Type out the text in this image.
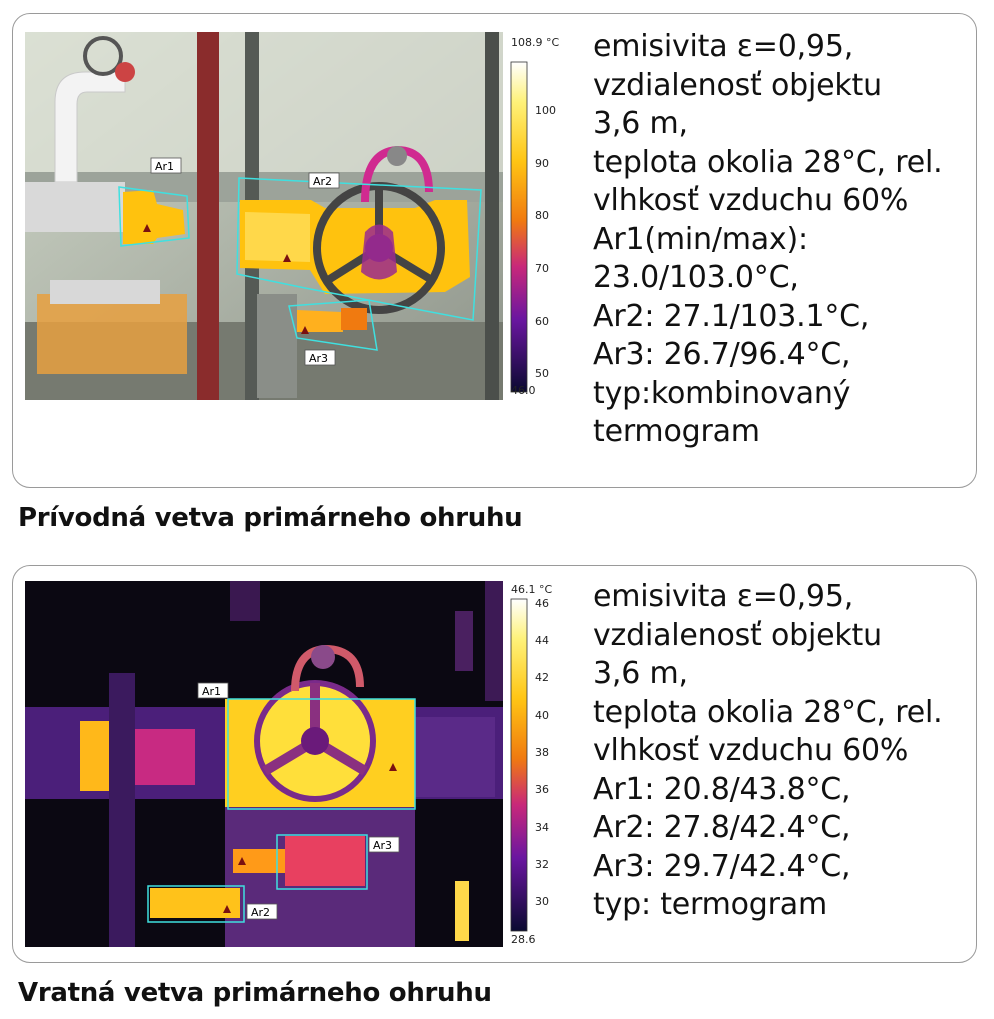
Ar1
Ar2
Ar3
108.9 °C
46.0
100
90
80
70
60
50
emisivita ε=0,95,
vzdialenosť objektu
3,6 m,
teplota okolia 28°C, rel.
vlhkosť vzduchu 60%
Ar1(min/max):
23.0/103.0°C,
Ar2: 27.1/103.1°C,
Ar3: 26.7/96.4°C,
typ:kombinovaný
termogram
Prívodná vetva primárneho ohruhu
Ar1
Ar2
Ar3
46.1 °C
28.6
46
44
42
40
38
36
34
32
30
emisivita ε=0,95,
vzdialenosť objektu
3,6 m,
teplota okolia 28°C, rel.
vlhkosť vzduchu 60%
Ar1: 20.8/43.8°C,
Ar2: 27.8/42.4°C,
Ar3: 29.7/42.4°C,
typ: termogram
Vratná vetva primárneho ohruhu
